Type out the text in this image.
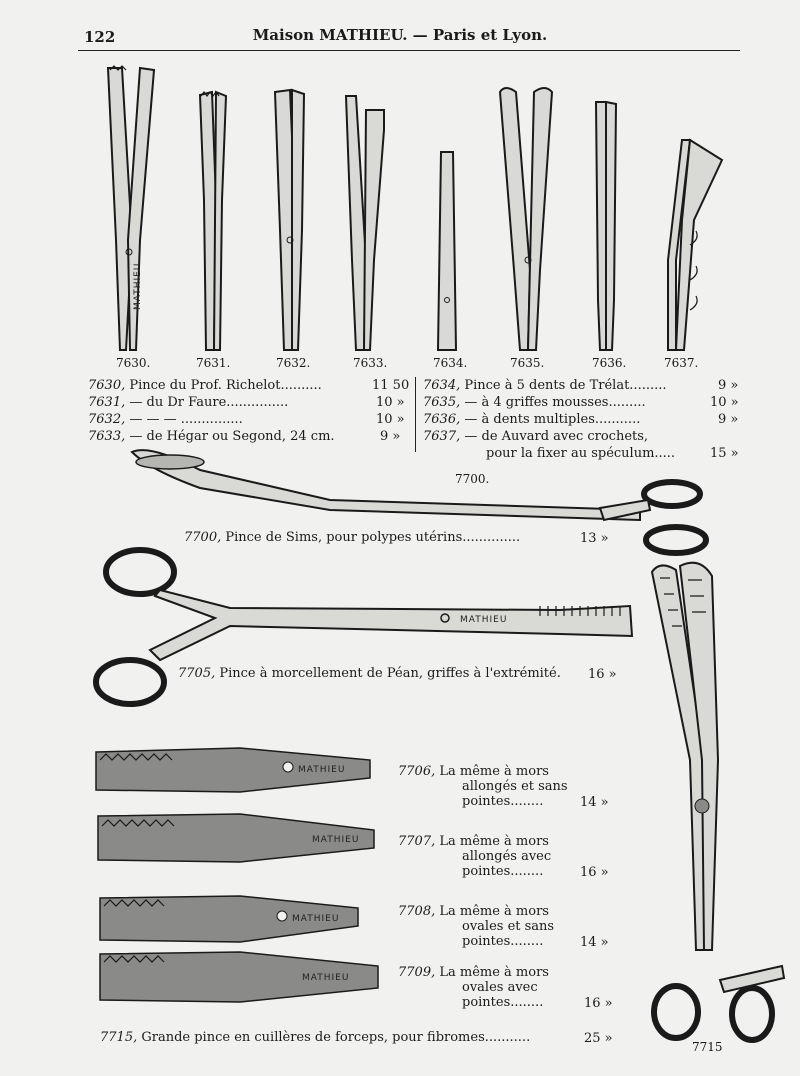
122	Maison MATHIEU. — Paris et Lyon.
MATHIEU
MATHIEU
MATHIEU
MATHIEU
MATHIEU
MATHIEU
7630.	7631.	7632.	7633.	7634.	7635.	7636.	7637.
7630, Pince du Prof. Richelot..........	11 50
7631, — du Dr Faure...............	10 »
7632, — — — ...............	10 »
7633, — de Hégar ou Segond, 24 cm.	9 »
7634, Pince à 5 dents de Trélat.........	9 »
7635, — à 4 griffes mousses.........	10 »
7636, — à dents multiples...........	9 »
7637, — de Auvard avec crochets,
pour la fixer au spéculum.....	15 »
7700.
7700, Pince de Sims, pour polypes utérins..............	13 »
7705, Pince à morcellement de Péan, griffes à l'extrémité. 16 »
7706, La même à mors
allongés et sans
pointes........	14 »
7707, La même à mors
allongés avec
pointes........	16 »
7708, La même à mors
ovales et sans
pointes........	14 »
7709, La même à mors
ovales avec
pointes........	16 »
7715, Grande pince en cuillères de forceps, pour fibromes...........	25 »
7715
